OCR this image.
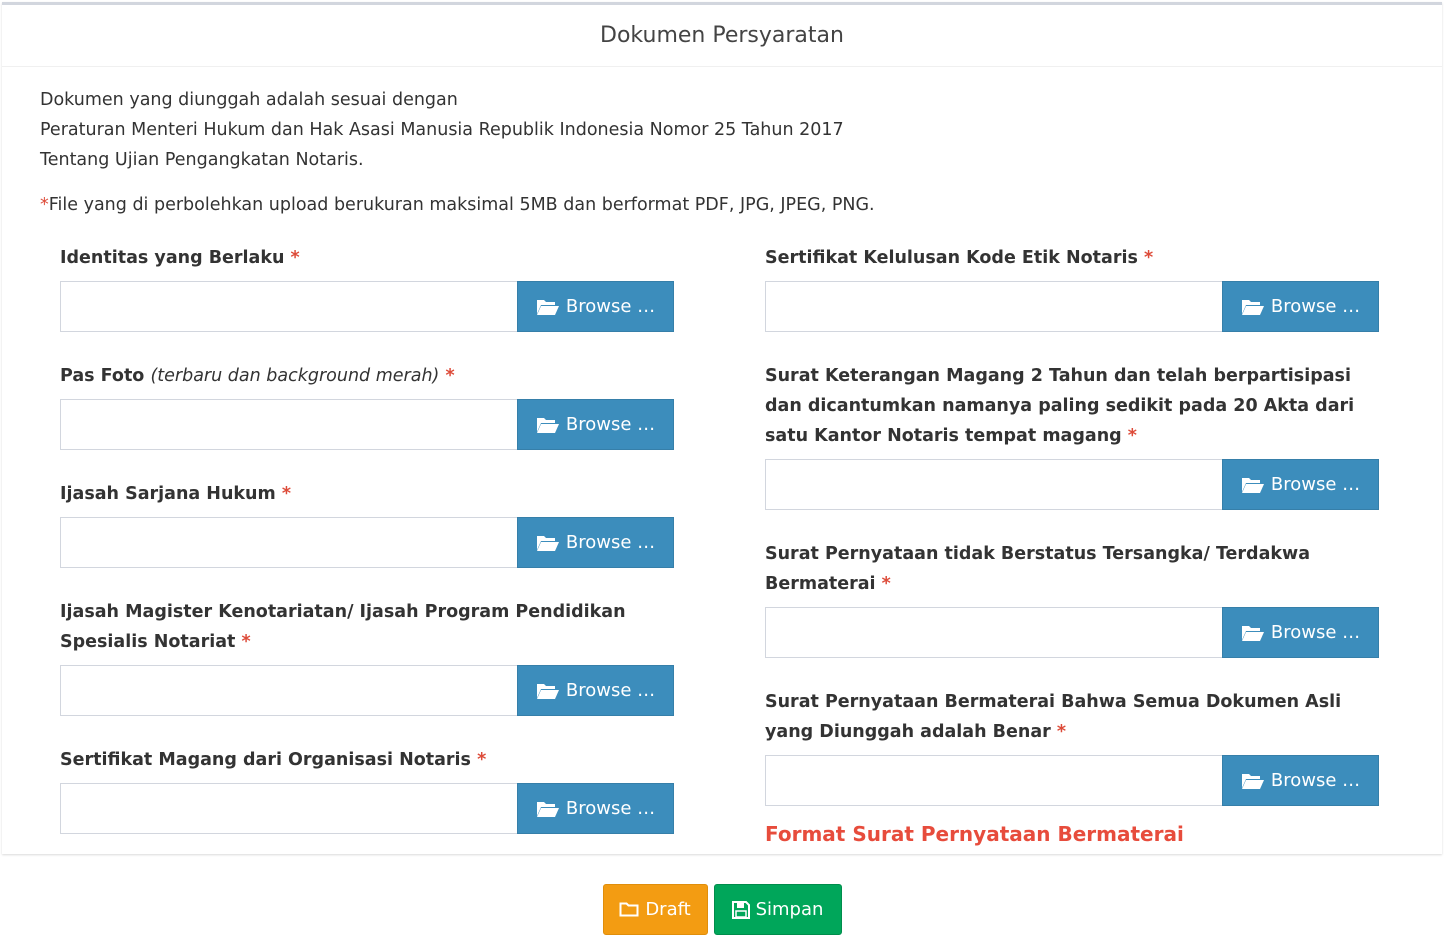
Dokumen Persyaratan
Dokumen yang diunggah adalah sesuai dengan
Peraturan Menteri Hukum dan Hak Asasi Manusia Republik Indonesia Nomor 25 Tahun 2017
Tentang Ujian Pengangkatan Notaris.
*File yang di perbolehkan upload berukuran maksimal 5MB dan berformat PDF, JPG, JPEG, PNG.
Identitas yang Berlaku *
Browse …
Pas Foto (terbaru dan background merah) *
Browse …
Ijasah Sarjana Hukum *
Browse …
Ijasah Magister Kenotariatan/ Ijasah Program Pendidikan Spesialis Notariat *
Browse …
Sertifikat Magang dari Organisasi Notaris *
Browse …
Sertifikat Kelulusan Kode Etik Notaris *
Browse …
Surat Keterangan Magang 2 Tahun dan telah berpartisipasi dan dicantumkan namanya paling sedikit pada 20 Akta dari satu Kantor Notaris tempat magang *
Browse …
Surat Pernyataan tidak Berstatus Tersangka/ Terdakwa Bermaterai *
Browse …
Surat Pernyataan Bermaterai Bahwa Semua Dokumen Asli yang Diunggah adalah Benar *
Browse …
Format Surat Pernyataan Bermaterai
Draft	Simpan
